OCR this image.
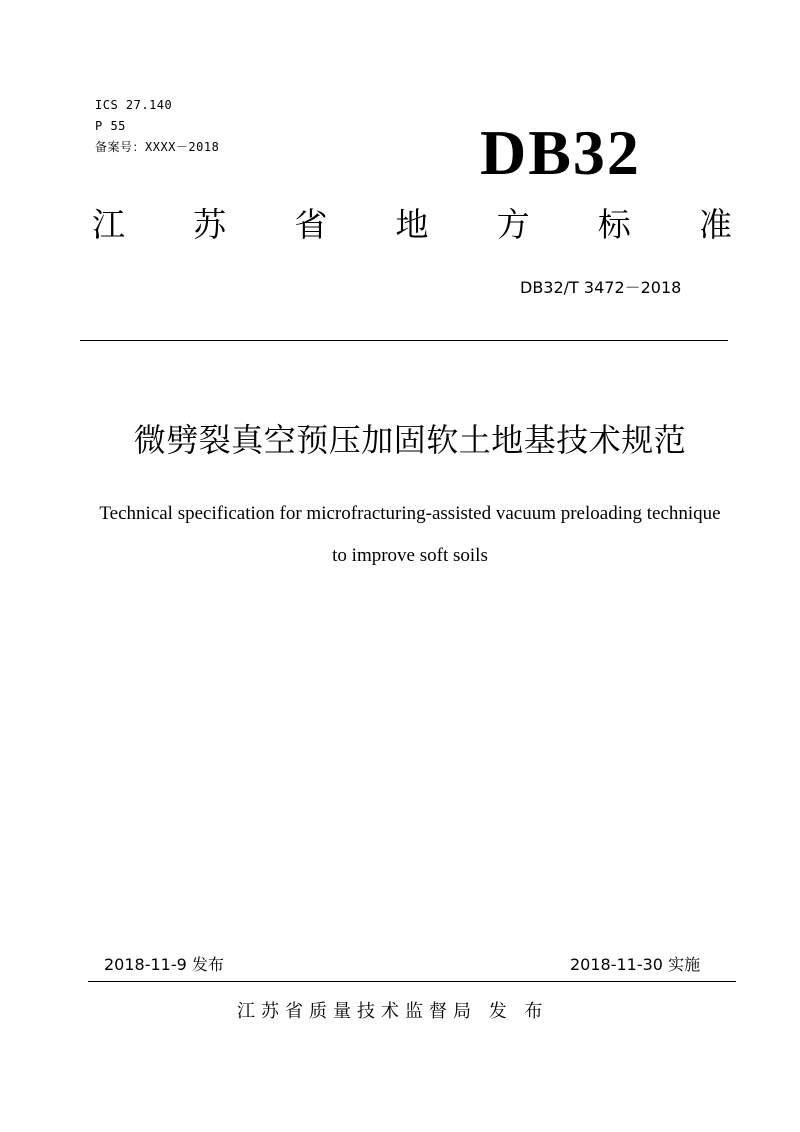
ICS 27.140
P 55
备案号：XXXX－2018	DB32
江 苏 省 地 方 标 准
DB32/T 3472－2018
微劈裂真空预压加固软土地基技术规范
Technical specification for microfracturing-assisted vacuum preloading technique
to improve soft soils
2018-11-9 发布	2018-11-30 实施
江苏省质量技术监督局 发 布
